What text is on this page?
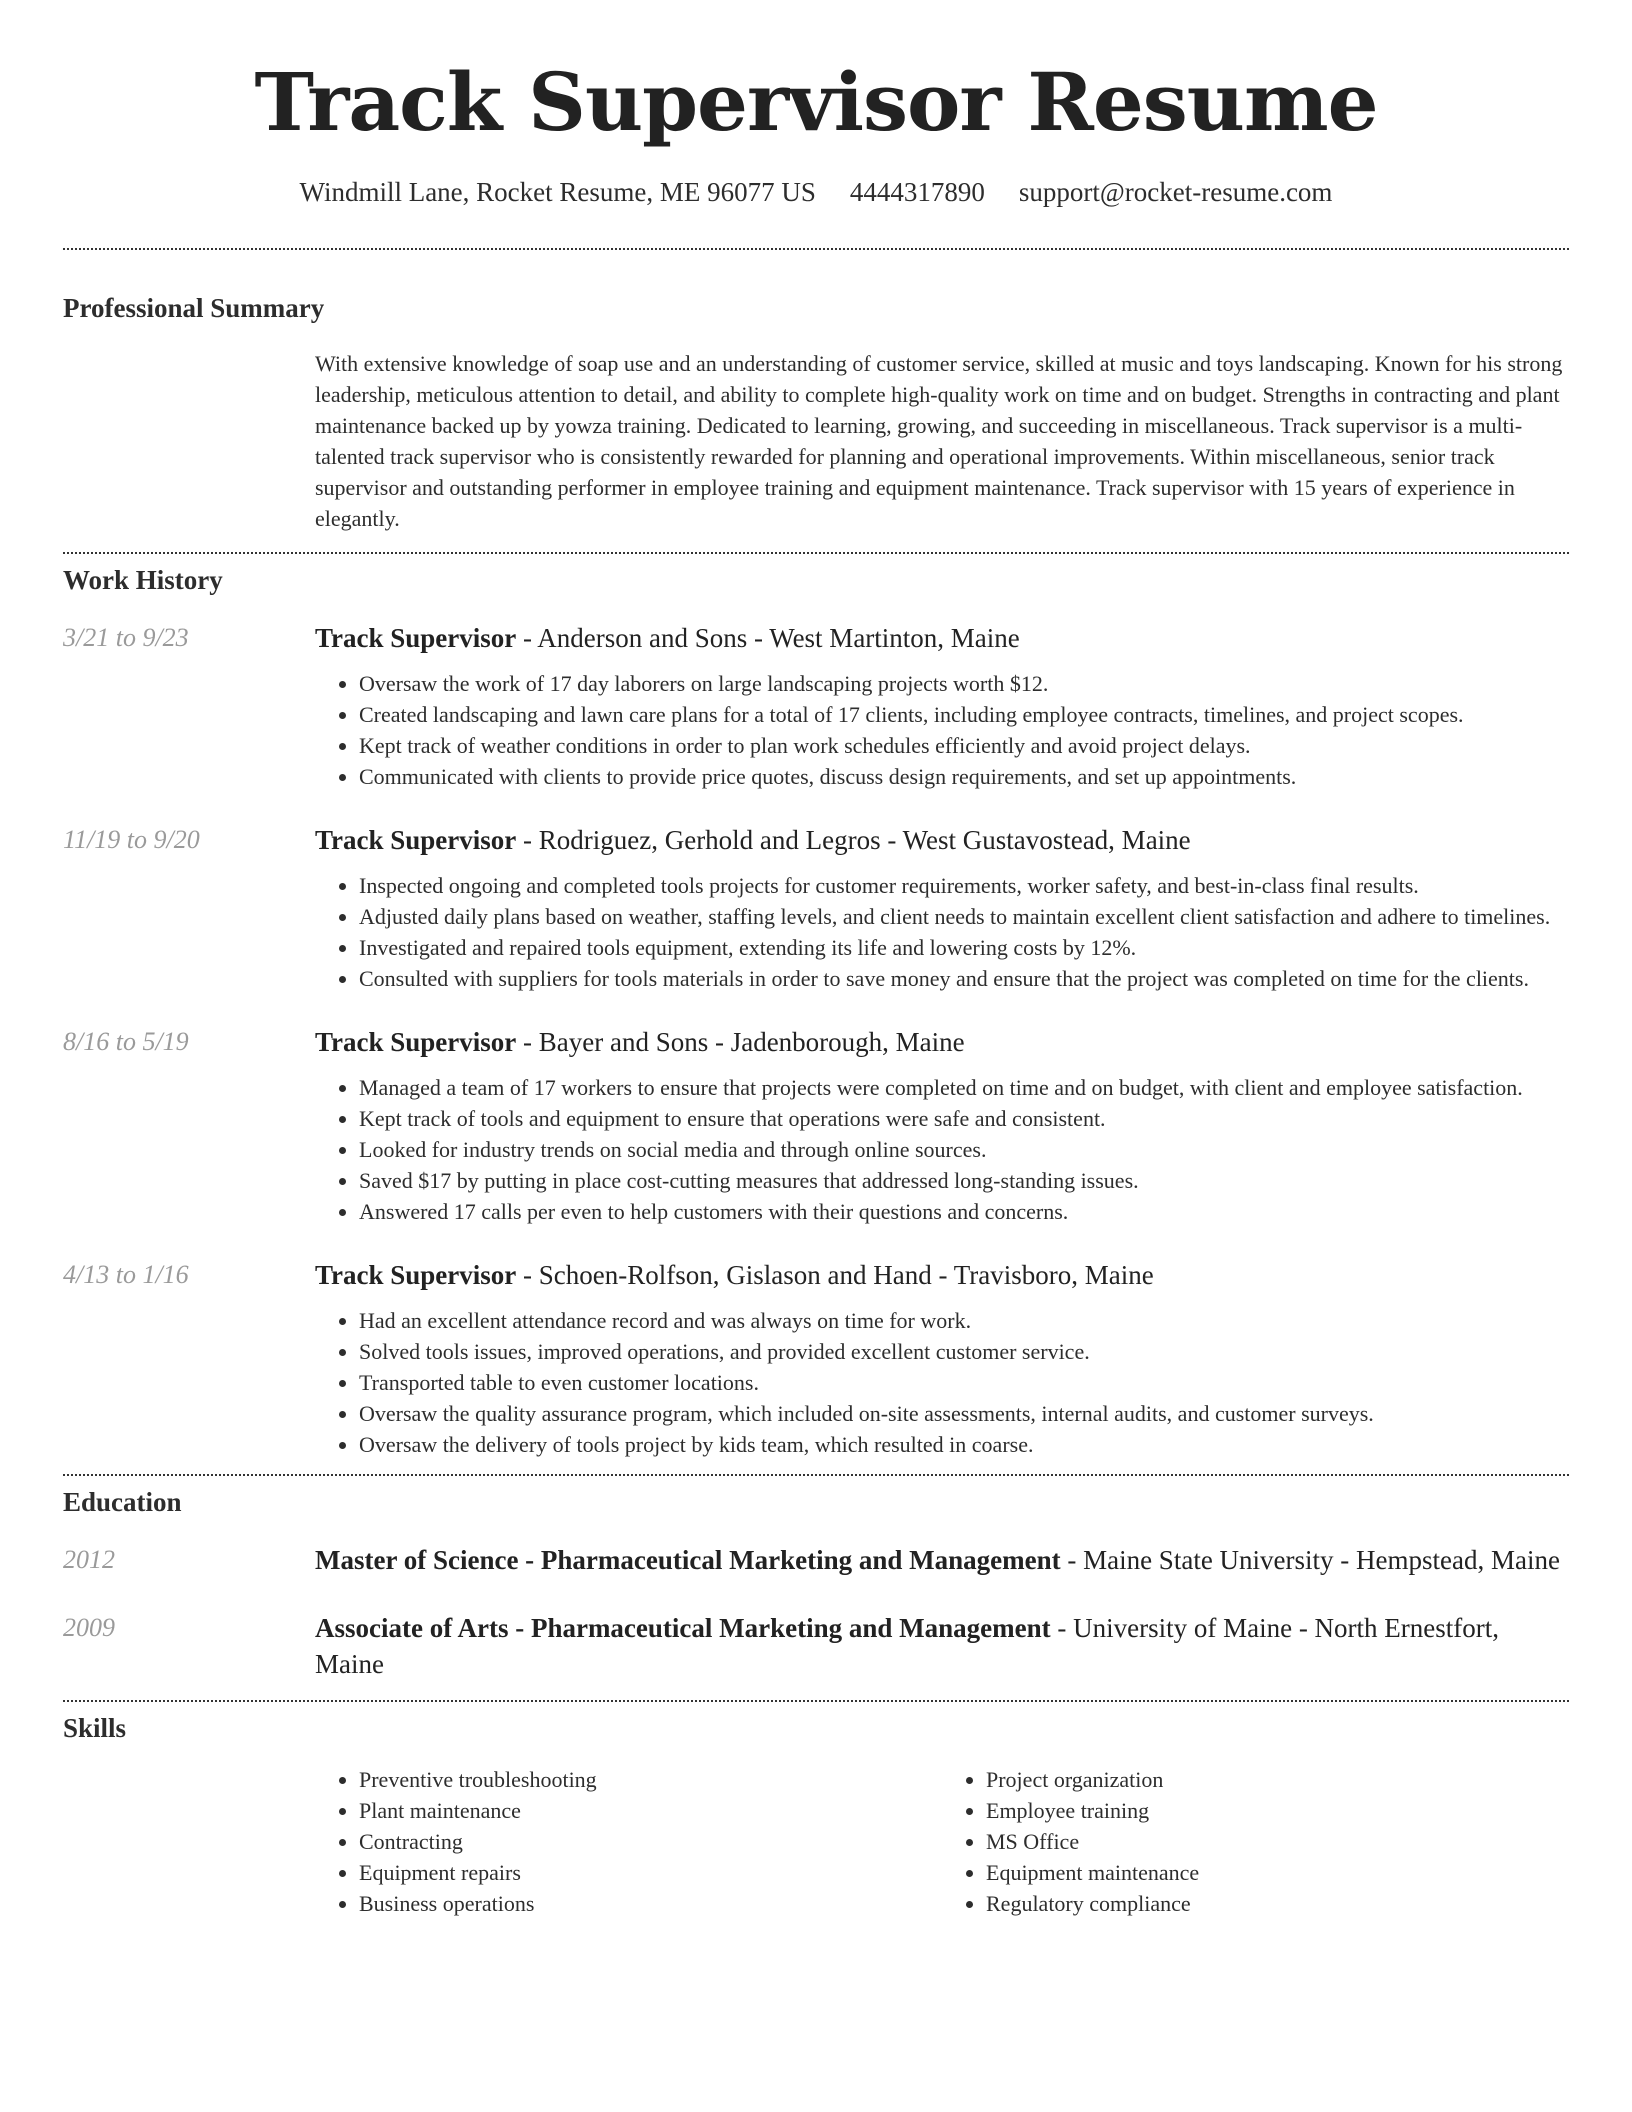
Track Supervisor Resume
Windmill Lane, Rocket Resume, ME 96077 US 4444317890 support@rocket-resume.com
Professional Summary
With extensive knowledge of soap use and an understanding of customer service, skilled at music and toys landscaping. Known for his strong leadership, meticulous attention to detail, and ability to complete high-quality work on time and on budget. Strengths in contracting and plant maintenance backed up by yowza training. Dedicated to learning, growing, and succeeding in miscellaneous. Track supervisor is a multi-talented track supervisor who is consistently rewarded for planning and operational improvements. Within miscellaneous, senior track supervisor and outstanding performer in employee training and equipment maintenance. Track supervisor with 15 years of experience in elegantly.
Work History
3/21 to 9/23	Track Supervisor - Anderson and Sons - West Martinton, Maine
• Oversaw the work of 17 day laborers on large landscaping projects worth $12.
• Created landscaping and lawn care plans for a total of 17 clients, including employee contracts, timelines, and project scopes.
• Kept track of weather conditions in order to plan work schedules efficiently and avoid project delays.
• Communicated with clients to provide price quotes, discuss design requirements, and set up appointments.
11/19 to 9/20	Track Supervisor - Rodriguez, Gerhold and Legros - West Gustavostead, Maine
• Inspected ongoing and completed tools projects for customer requirements, worker safety, and best-in-class final results.
• Adjusted daily plans based on weather, staffing levels, and client needs to maintain excellent client satisfaction and adhere to timelines.
• Investigated and repaired tools equipment, extending its life and lowering costs by 12%.
• Consulted with suppliers for tools materials in order to save money and ensure that the project was completed on time for the clients.
8/16 to 5/19	Track Supervisor - Bayer and Sons - Jadenborough, Maine
• Managed a team of 17 workers to ensure that projects were completed on time and on budget, with client and employee satisfaction.
• Kept track of tools and equipment to ensure that operations were safe and consistent.
• Looked for industry trends on social media and through online sources.
• Saved $17 by putting in place cost-cutting measures that addressed long-standing issues.
• Answered 17 calls per even to help customers with their questions and concerns.
4/13 to 1/16	Track Supervisor - Schoen-Rolfson, Gislason and Hand - Travisboro, Maine
• Had an excellent attendance record and was always on time for work.
• Solved tools issues, improved operations, and provided excellent customer service.
• Transported table to even customer locations.
• Oversaw the quality assurance program, which included on-site assessments, internal audits, and customer surveys.
• Oversaw the delivery of tools project by kids team, which resulted in coarse.
Education
2012	Master of Science - Pharmaceutical Marketing and Management - Maine State University - Hempstead, Maine
2009	Associate of Arts - Pharmaceutical Marketing and Management - University of Maine - North Ernestfort, Maine
Skills
• Preventive troubleshooting
• Plant maintenance
• Contracting
• Equipment repairs
• Business operations
• Project organization
• Employee training
• MS Office
• Equipment maintenance
• Regulatory compliance
